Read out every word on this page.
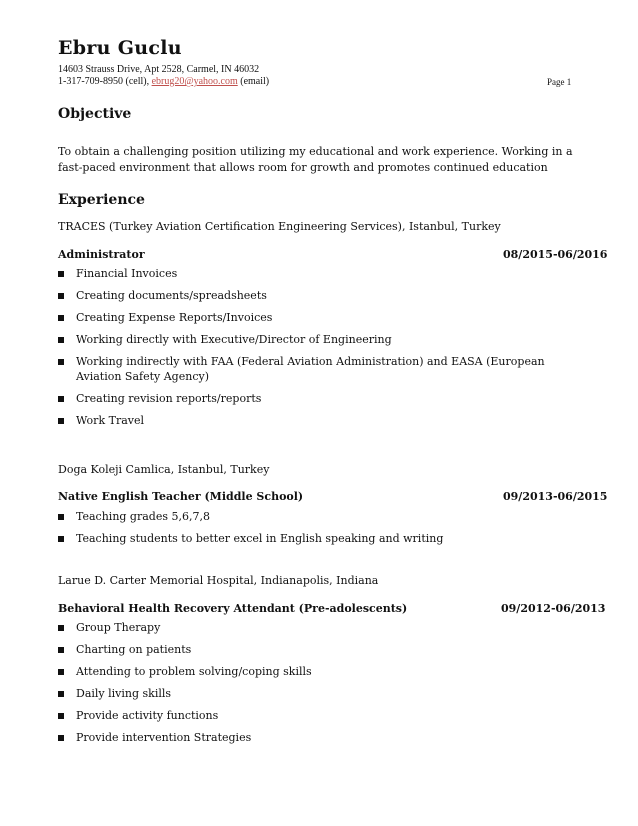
Ebru Guclu
14603 Strauss Drive, Apt 2528, Carmel, IN 46032
1-317-709-8950 (cell), ebrug20@yahoo.com (email)	Page 1
Objective
To obtain a challenging position utilizing my educational and work experience. Working in a fast-paced environment that allows room for growth and promotes continued education
Experience
TRACES (Turkey Aviation Certification Engineering Services), Istanbul, Turkey
Administrator	08/2015-06/2016
Financial Invoices
Creating documents/spreadsheets
Creating Expense Reports/Invoices
Working directly with Executive/Director of Engineering
Working indirectly with FAA (Federal Aviation Administration) and EASA (European Aviation Safety Agency)
Creating revision reports/reports
Work Travel
Doga Koleji Camlica, Istanbul, Turkey
Native English Teacher (Middle School)	09/2013-06/2015
Teaching grades 5,6,7,8
Teaching students to better excel in English speaking and writing
Larue D. Carter Memorial Hospital, Indianapolis, Indiana
Behavioral Health Recovery Attendant (Pre-adolescents)	09/2012-06/2013
Group Therapy
Charting on patients
Attending to problem solving/coping skills
Daily living skills
Provide activity functions
Provide intervention Strategies
